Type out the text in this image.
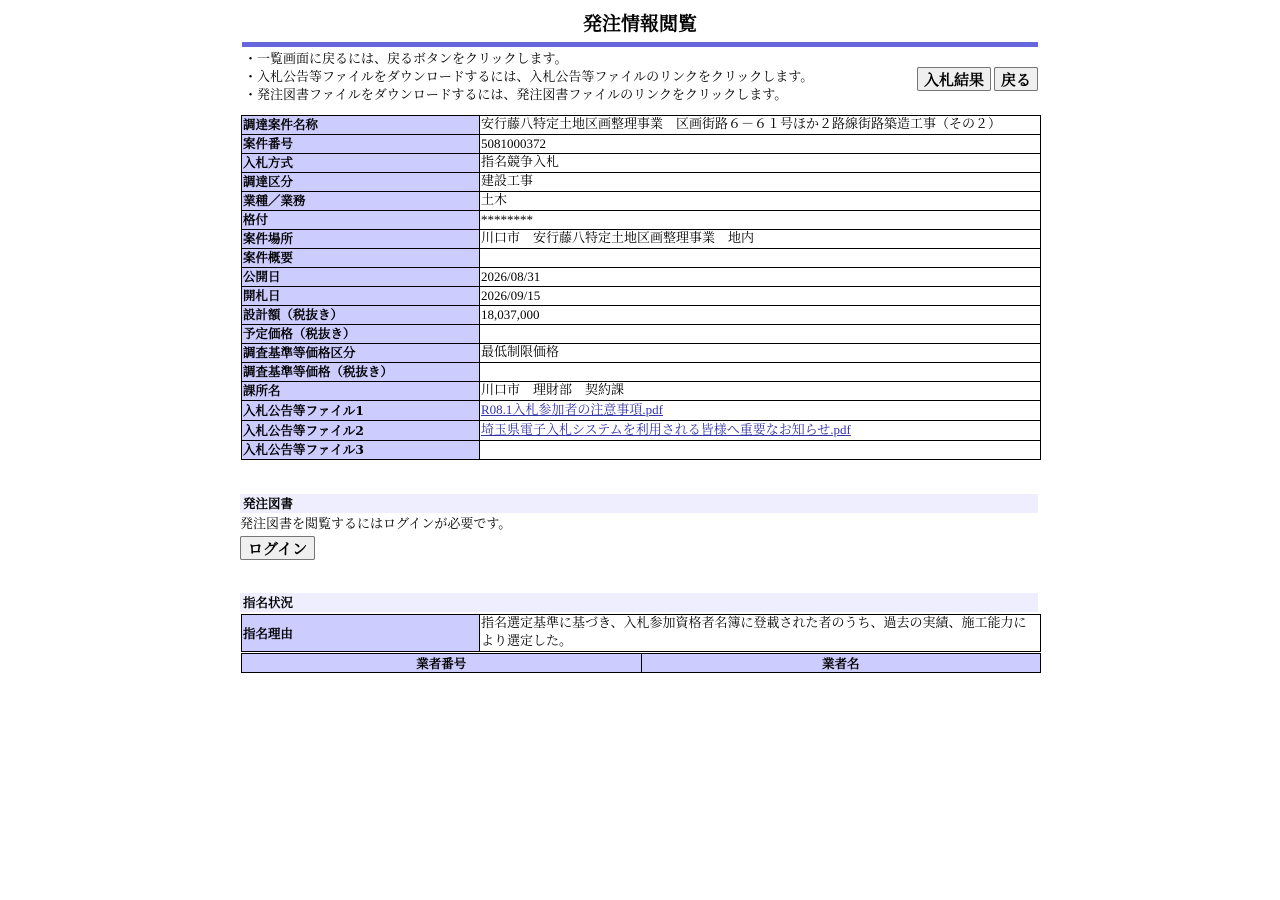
発注情報閲覧
・一覧画面に戻るには、戻るボタンをクリックします。
・入札公告等ファイルをダウンロードするには、入札公告等ファイルのリンクをクリックします。
・発注図書ファイルをダウンロードするには、発注図書ファイルのリンクをクリックします。
入札結果	戻る
調達案件名称	安行藤八特定土地区画整理事業　区画街路６－６１号ほか２路線街路築造工事（その２）
案件番号	5081000372
入札方式	指名競争入札
調達区分	建設工事
業種／業務	土木
格付	********
案件場所	川口市　安行藤八特定土地区画整理事業　地内
案件概要	
公開日	2026/08/31
開札日	2026/09/15
設計額（税抜き）	18,037,000
予定価格（税抜き）	
調査基準等価格区分	最低制限価格
調査基準等価格（税抜き）	
課所名	川口市　理財部　契約課
入札公告等ファイル1	R08.1入札参加者の注意事項.pdf
入札公告等ファイル2	埼玉県電子入札システムを利用される皆様へ重要なお知らせ.pdf
入札公告等ファイル3	
発注図書
発注図書を閲覧するにはログインが必要です。
ログイン
指名状況
指名理由	指名選定基準に基づき、入札参加資格者名簿に登載された者のうち、過去の実績、施工能力により選定した。
業者番号	業者名
